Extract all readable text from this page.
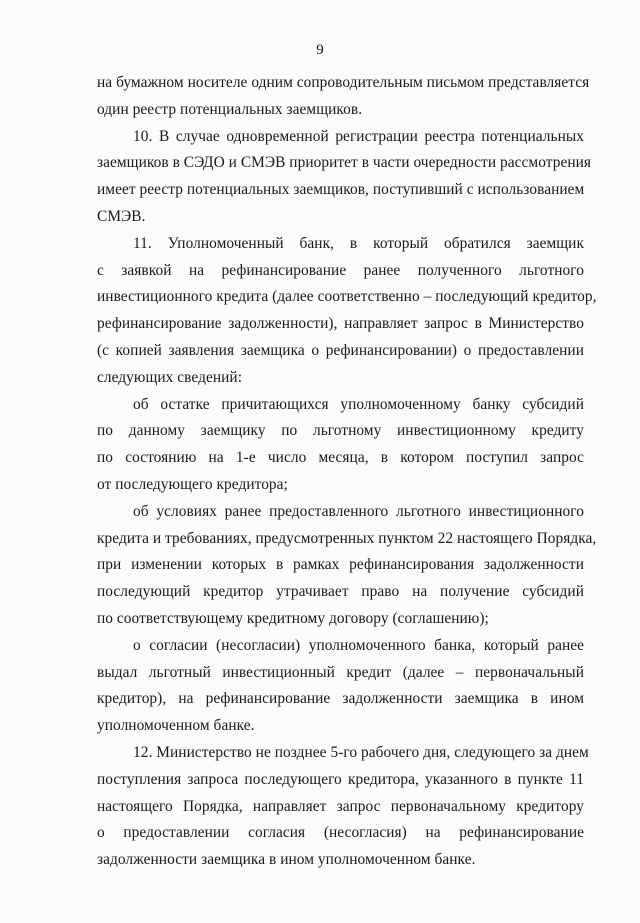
9
на бумажном носителе одним сопроводительным письмом представляется
один реестр потенциальных заемщиков.
10. В случае одновременной регистрации реестра потенциальных
заемщиков в СЭДО и СМЭВ приоритет в части очередности рассмотрения
имеет реестр потенциальных заемщиков, поступивший с использованием
СМЭВ.
11. Уполномоченный банк, в который обратился заемщик
с заявкой на рефинансирование ранее полученного льготного
инвестиционного кредита (далее соответственно – последующий кредитор,
рефинансирование задолженности), направляет запрос в Министерство
(с копией заявления заемщика о рефинансировании) о предоставлении
следующих сведений:
об остатке причитающихся уполномоченному банку субсидий
по данному заемщику по льготному инвестиционному кредиту
по состоянию на 1-е число месяца, в котором поступил запрос
от последующего кредитора;
об условиях ранее предоставленного льготного инвестиционного
кредита и требованиях, предусмотренных пунктом 22 настоящего Порядка,
при изменении которых в рамках рефинансирования задолженности
последующий кредитор утрачивает право на получение субсидий
по соответствующему кредитному договору (соглашению);
о согласии (несогласии) уполномоченного банка, который ранее
выдал льготный инвестиционный кредит (далее – первоначальный
кредитор), на рефинансирование задолженности заемщика в ином
уполномоченном банке.
12. Министерство не позднее 5-го рабочего дня, следующего за днем
поступления запроса последующего кредитора, указанного в пункте 11
настоящего Порядка, направляет запрос первоначальному кредитору
о предоставлении согласия (несогласия) на рефинансирование
задолженности заемщика в ином уполномоченном банке.
